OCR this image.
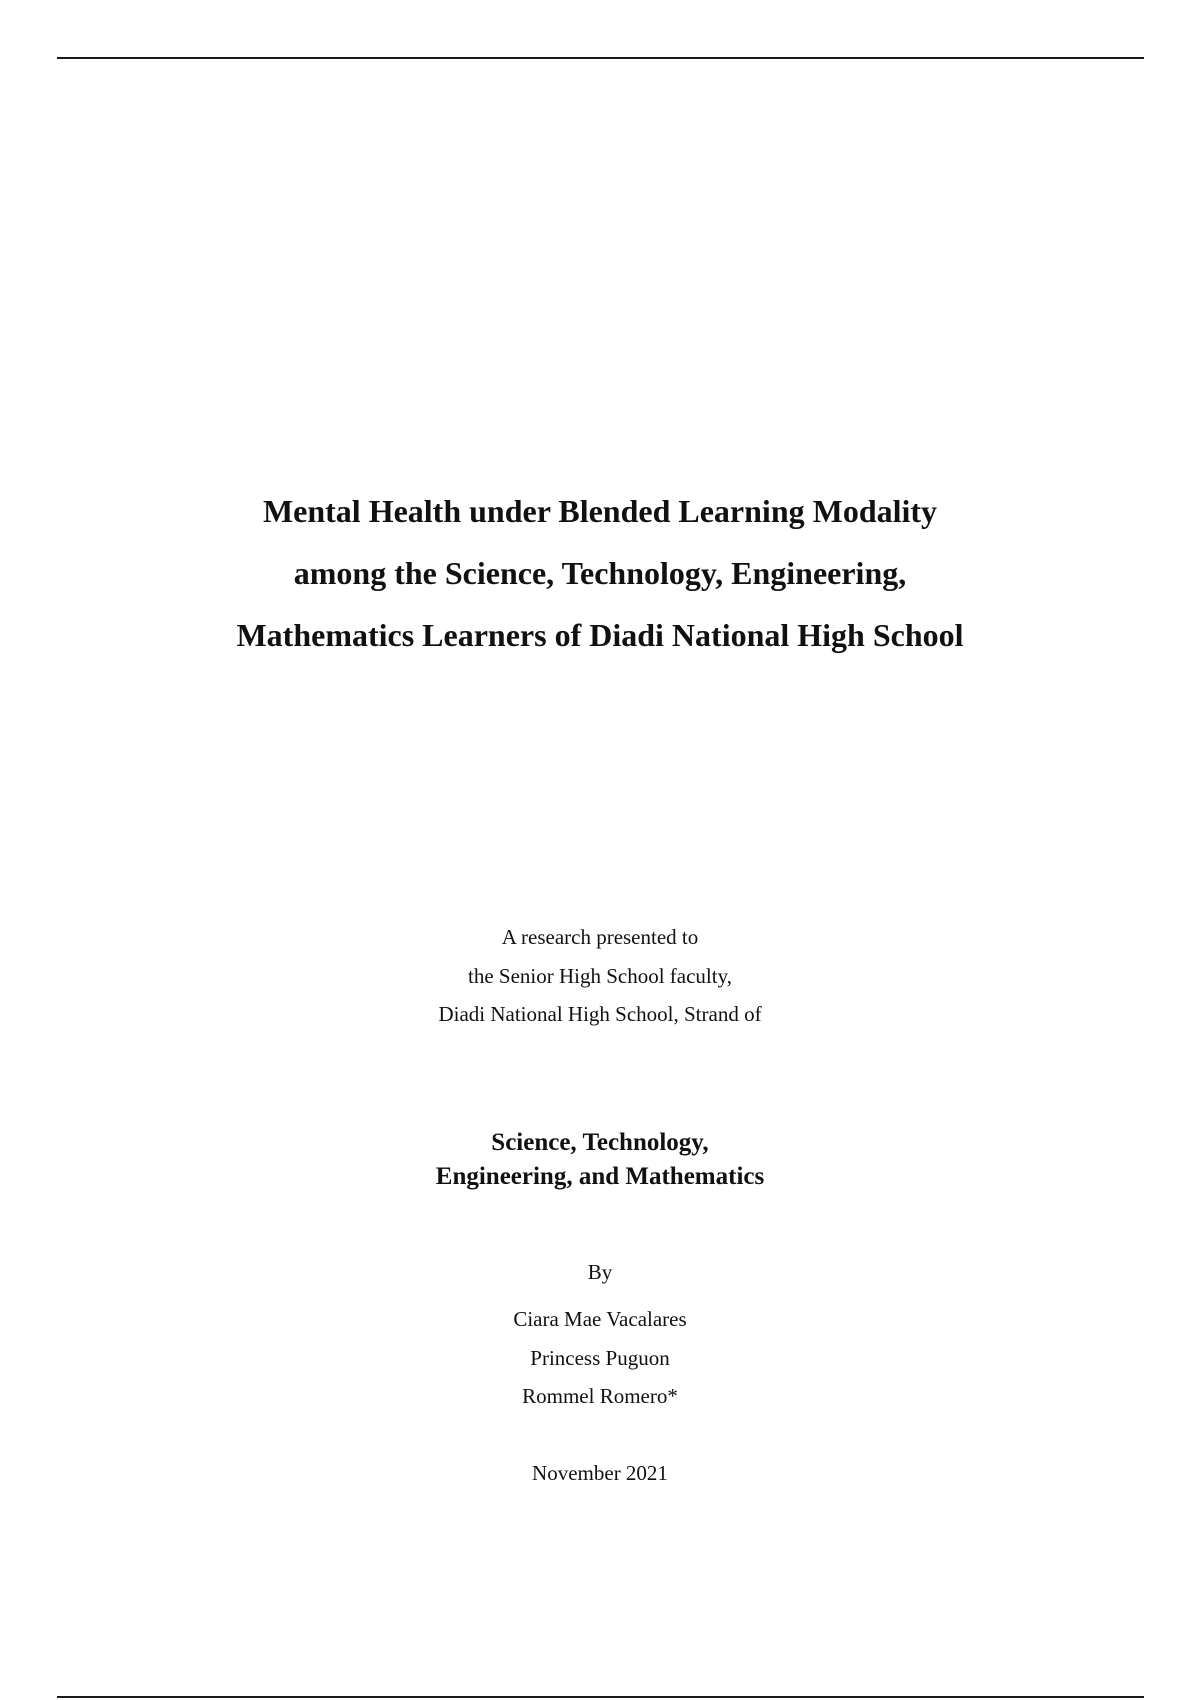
Mental Health under Blended Learning Modality
among the Science, Technology, Engineering,
Mathematics Learners of Diadi National High School
A research presented to
the Senior High School faculty,
Diadi National High School, Strand of
Science, Technology,
Engineering, and Mathematics
By
Ciara Mae Vacalares
Princess Puguon
Rommel Romero*
November 2021
